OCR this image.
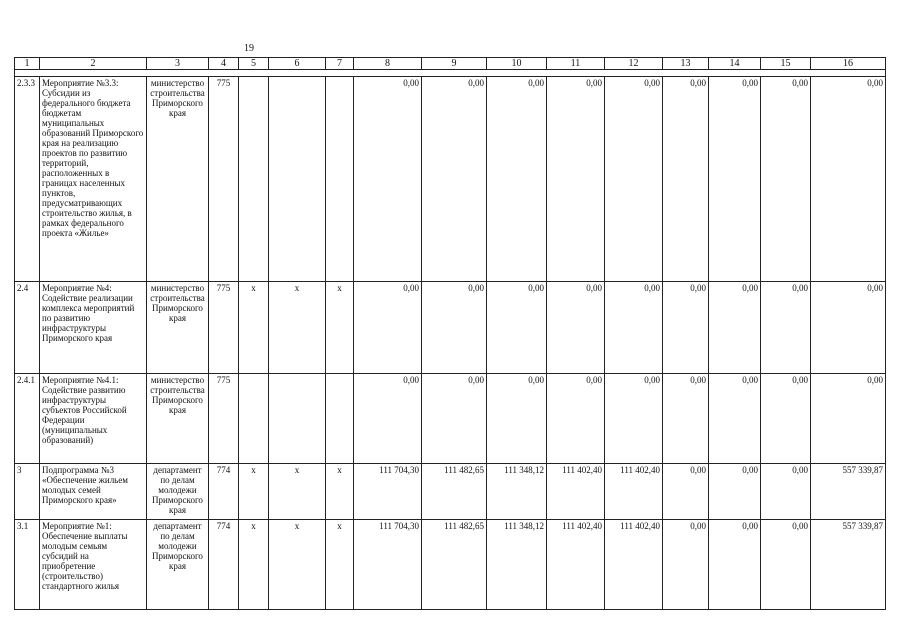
19
1	2	3	4	5	6	7	8	9	10	11	12	13	14	15	16

2.3.3	Мероприятие №3.3: Субсидии из федерального бюджета бюджетам муниципальных образований Приморского края на реализацию проектов по развитию территорий, расположенных в границах населенных пунктов, предусматривающих строительство жилья, в рамках федерального проекта «Жилье»	министерство строительства Приморского края	775				0,00	0,00	0,00	0,00	0,00	0,00	0,00	0,00	0,00
2.4	Мероприятие №4: Содействие реализации комплекса мероприятий по развитию инфраструктуры Приморского края	министерство строительства Приморского края	775	x	x	x	0,00	0,00	0,00	0,00	0,00	0,00	0,00	0,00	0,00
2.4.1	Мероприятие №4.1: Содействие развитию инфраструктуры субъектов Российской Федерации (муниципальных образований)	министерство строительства Приморского края	775				0,00	0,00	0,00	0,00	0,00	0,00	0,00	0,00	0,00
3	Подпрограмма №3 «Обеспечение жильем молодых семей Приморского края»	департамент по делам молодежи Приморского края	774	x	x	x	111 704,30	111 482,65	111 348,12	111 402,40	111 402,40	0,00	0,00	0,00	557 339,87
3.1	Мероприятие №1: Обеспечение выплаты молодым семьям субсидий на приобретение (строительство) стандартного жилья	департамент по делам молодежи Приморского края	774	x	x	x	111 704,30	111 482,65	111 348,12	111 402,40	111 402,40	0,00	0,00	0,00	557 339,87
